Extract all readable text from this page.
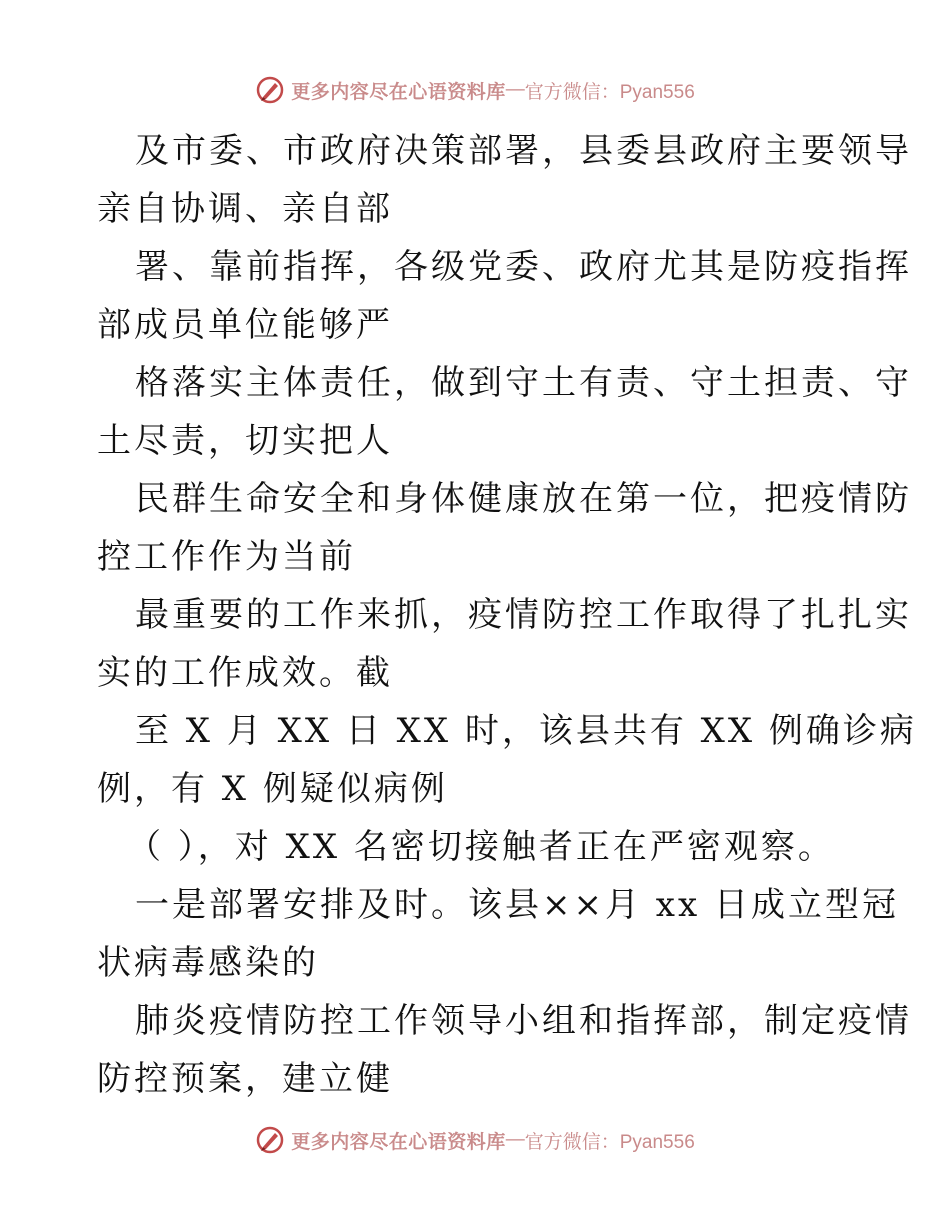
更多内容尽在心语资料库 — 官方微信：Pyan556
及市委、市政府决策部署，县委县政府主要领导
亲自协调、亲自部
署、靠前指挥，各级党委、政府尤其是防疫指挥
部成员单位能够严
格落实主体责任，做到守土有责、守土担责、守
土尽责，切实把人
民群生命安全和身体健康放在第一位，把疫情防
控工作作为当前
最重要的工作来抓，疫情防控工作取得了扎扎实
实的工作成效。截
至 X 月 XX 日 XX 时，该县共有 XX 例确诊病
例，有 X 例疑似病例
（ ），对 XX 名密切接触者正在严密观察。
一是部署安排及时。该县××月 xx 日成立型冠
状病毒感染的
肺炎疫情防控工作领导小组和指挥部，制定疫情
防控预案，建立健
更多内容尽在心语资料库 — 官方微信：Pyan556
